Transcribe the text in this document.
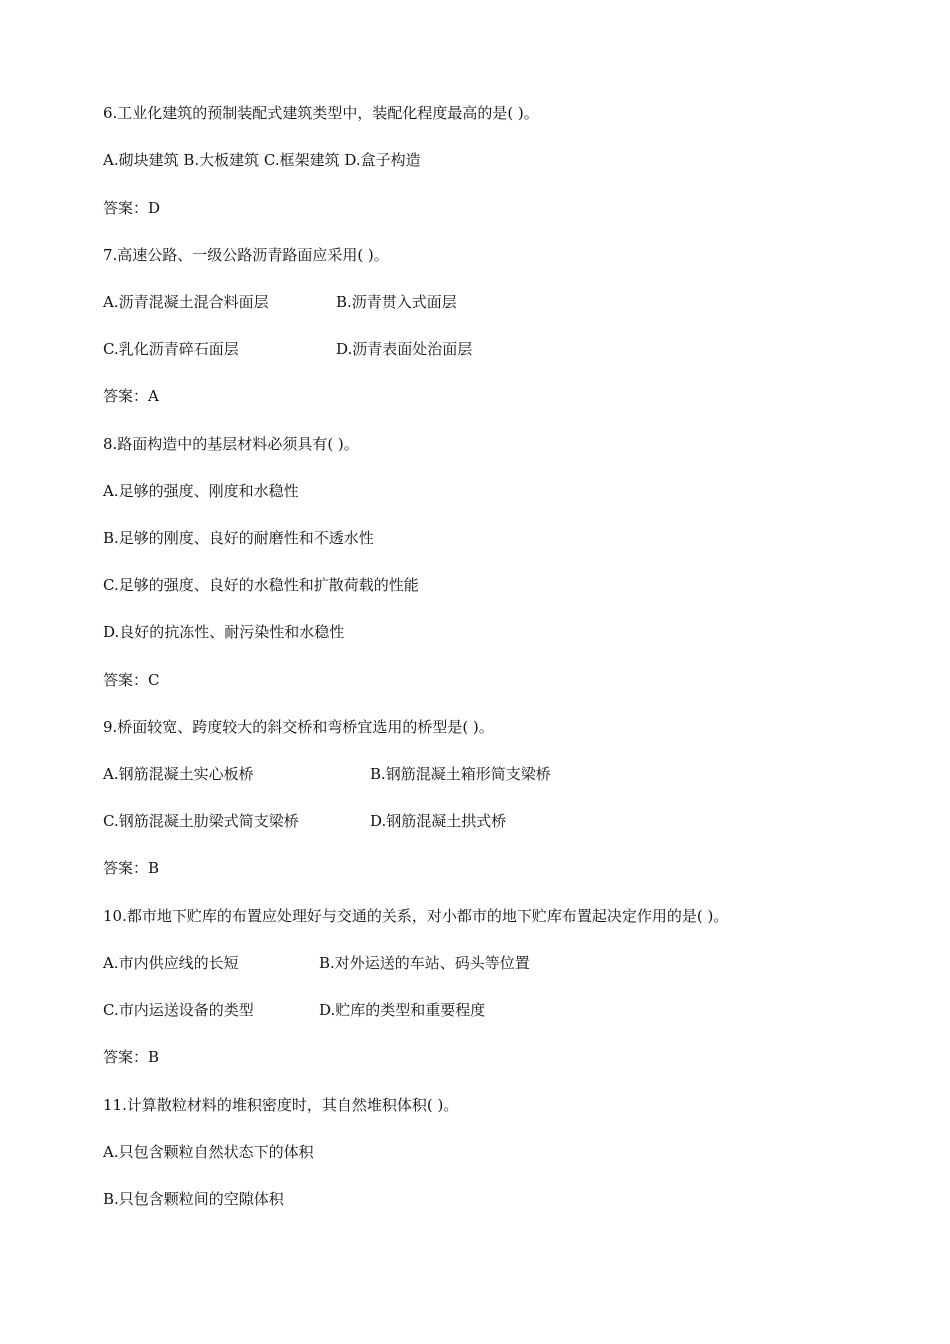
6.工业化建筑的预制装配式建筑类型中，装配化程度最高的是( )。
A.砌块建筑 B.大板建筑 C.框架建筑 D.盒子构造
答案：D
7.高速公路、一级公路沥青路面应采用( )。
A.沥青混凝土混合料面层	B.沥青贯入式面层
C.乳化沥青碎石面层	D.沥青表面处治面层
答案：A
8.路面构造中的基层材料必须具有( )。
A.足够的强度、刚度和水稳性
B.足够的刚度、良好的耐磨性和不透水性
C.足够的强度、良好的水稳性和扩散荷载的性能
D.良好的抗冻性、耐污染性和水稳性
答案：C
9.桥面较宽、跨度较大的斜交桥和弯桥宜选用的桥型是( )。
A.钢筋混凝土实心板桥	B.钢筋混凝土箱形简支梁桥
C.钢筋混凝土肋梁式简支梁桥	D.钢筋混凝土拱式桥
答案：B
10.都市地下贮库的布置应处理好与交通的关系，对小都市的地下贮库布置起决定作用的是( )。
A.市内供应线的长短	B.对外运送的车站、码头等位置
C.市内运送设备的类型	D.贮库的类型和重要程度
答案：B
11.计算散粒材料的堆积密度时，其自然堆积体积( )。
A.只包含颗粒自然状态下的体积
B.只包含颗粒间的空隙体积
